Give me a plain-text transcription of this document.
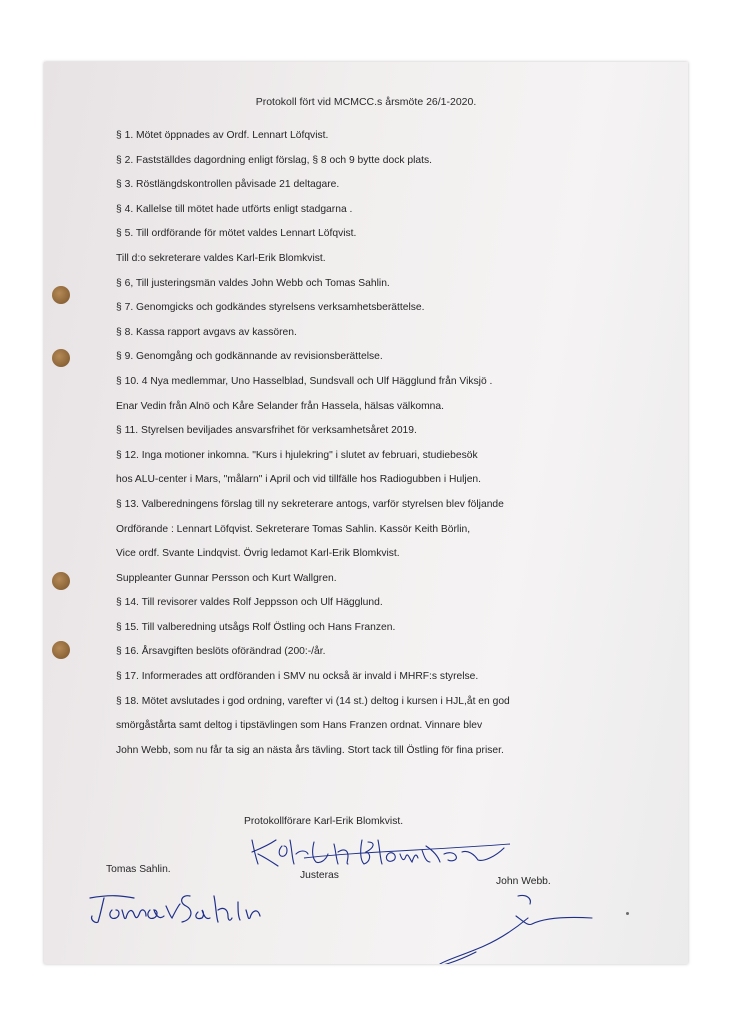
Protokoll fört vid MCMCC.s årsmöte 26/1-2020.
§ 1. Mötet öppnades av Ordf. Lennart Löfqvist.
§ 2. Fastställdes dagordning enligt förslag, § 8 och 9 bytte dock plats.
§ 3. Röstlängdskontrollen påvisade 21 deltagare.
§ 4. Kallelse till mötet hade utförts enligt stadgarna .
§ 5. Till ordförande för mötet valdes Lennart Löfqvist.
Till d:o sekreterare valdes Karl-Erik Blomkvist.
§ 6, Till justeringsmän valdes John Webb och Tomas Sahlin.
§ 7. Genomgicks och godkändes styrelsens verksamhetsberättelse.
§ 8. Kassa rapport avgavs av kassören.
§ 9. Genomgång och godkännande av revisionsberättelse.
§ 10. 4 Nya medlemmar, Uno Hasselblad, Sundsvall och Ulf Hägglund från Viksjö .
Enar Vedin från Alnö och Kåre Selander från Hassela, hälsas välkomna.
§ 11. Styrelsen beviljades ansvarsfrihet för verksamhetsåret 2019.
§ 12. Inga motioner inkomna. "Kurs i hjulekring" i slutet av februari, studiebesök
hos ALU-center i Mars, "målarn" i April och vid tillfälle hos Radiogubben i Huljen.
§ 13. Valberedningens förslag till ny sekreterare antogs, varför styrelsen blev följande
Ordförande : Lennart Löfqvist. Sekreterare Tomas Sahlin. Kassör Keith Börlin,
Vice ordf. Svante Lindqvist. Övrig ledamot Karl-Erik Blomkvist.
Suppleanter Gunnar Persson och Kurt Wallgren.
§ 14. Till revisorer valdes Rolf Jeppsson och Ulf Hägglund.
§ 15. Till valberedning utsågs Rolf Östling och Hans Franzen.
§ 16. Årsavgiften beslöts oförändrad (200:-/år.
§ 17. Informerades att ordföranden i SMV nu också är invald i MHRF:s styrelse.
§ 18. Mötet avslutades i god ordning, varefter vi (14 st.) deltog i kursen i HJL,åt en god
smörgåstårta samt deltog i tipstävlingen som Hans Franzen ordnat. Vinnare blev
John Webb, som nu får ta sig an nästa års tävling. Stort tack till Östling för fina priser.
Protokollförare Karl-Erik Blomkvist.
Justeras
Tomas Sahlin.
John Webb.
